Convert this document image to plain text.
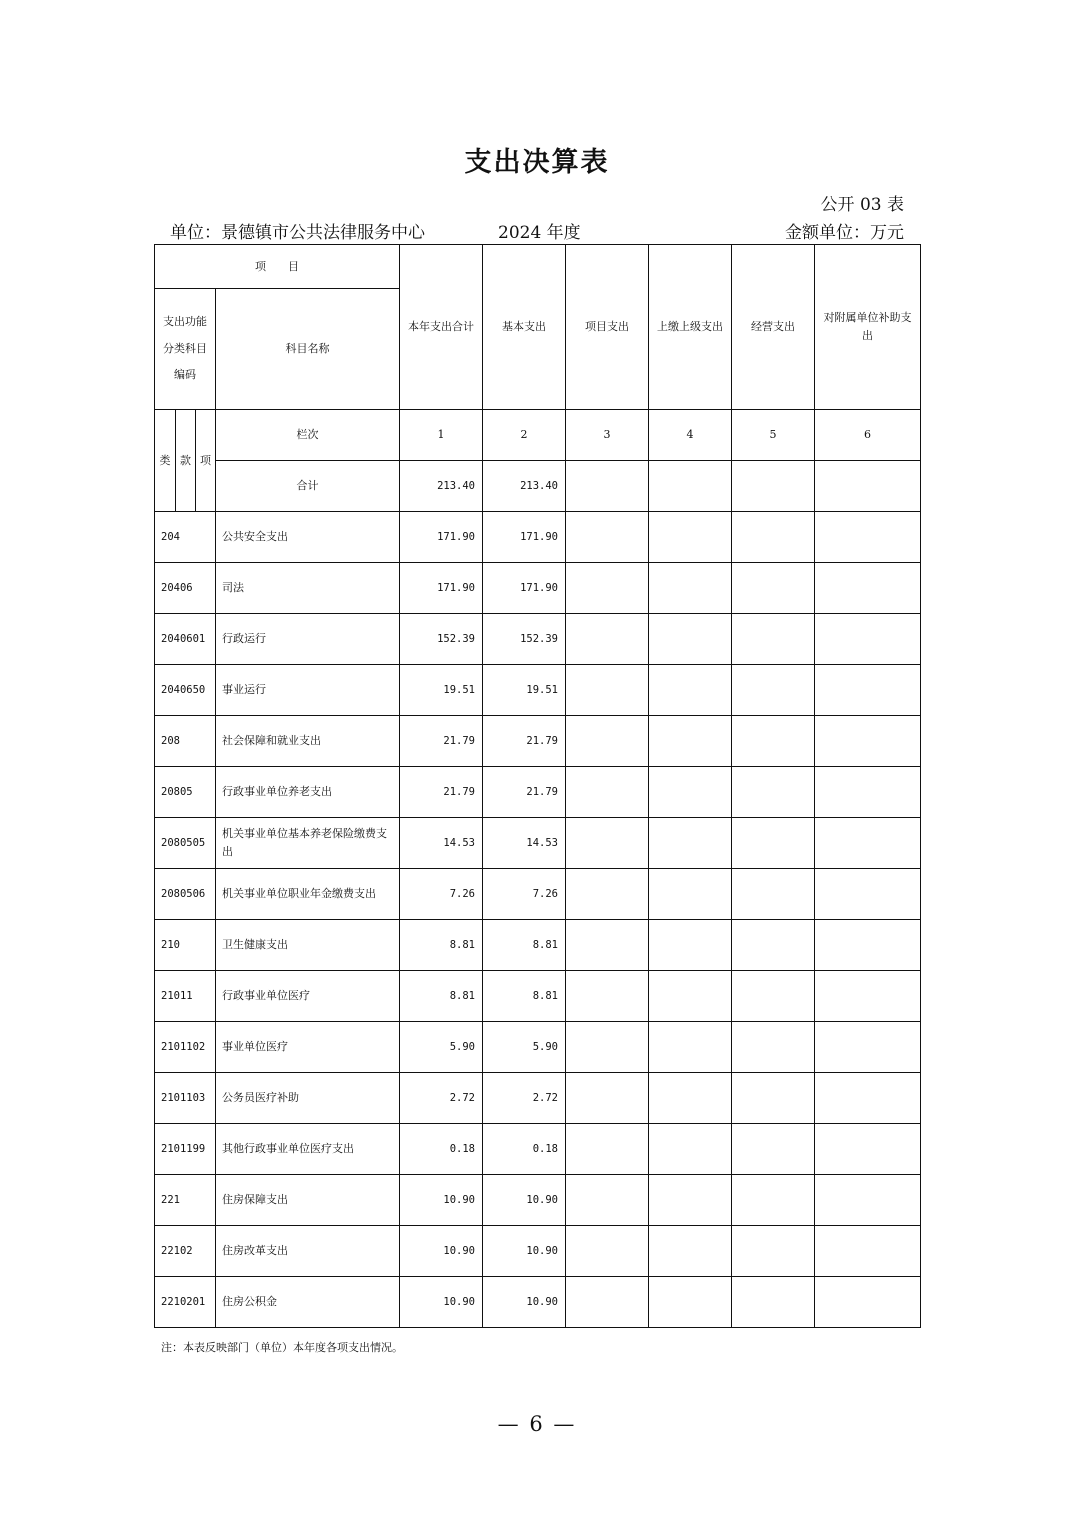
支出决算表
公开 03 表
单位：景德镇市公共法律服务中心	2024 年度	金额单位：万元
项　　目				本年支出合计	基本支出	项目支出	上缴上级支出	经营支出	对附属单位补助支出
支出功能分类科目编码			科目名称						
类	款	项	栏次	1	2	3	4	5	6
			合计	213.40	213.40				
204			公共安全支出	171.90	171.90				
20406			司法	171.90	171.90				
2040601			行政运行	152.39	152.39				
2040650			事业运行	19.51	19.51				
208			社会保障和就业支出	21.79	21.79				
20805			行政事业单位养老支出	21.79	21.79				
2080505			机关事业单位基本养老保险缴费支出	14.53	14.53				
2080506			机关事业单位职业年金缴费支出	7.26	7.26				
210			卫生健康支出	8.81	8.81				
21011			行政事业单位医疗	8.81	8.81				
2101102			事业单位医疗	5.90	5.90				
2101103			公务员医疗补助	2.72	2.72				
2101199			其他行政事业单位医疗支出	0.18	0.18				
221			住房保障支出	10.90	10.90				
22102			住房改革支出	10.90	10.90				
2210201			住房公积金	10.90	10.90				
注：本表反映部门（单位）本年度各项支出情况。
— 6 —
